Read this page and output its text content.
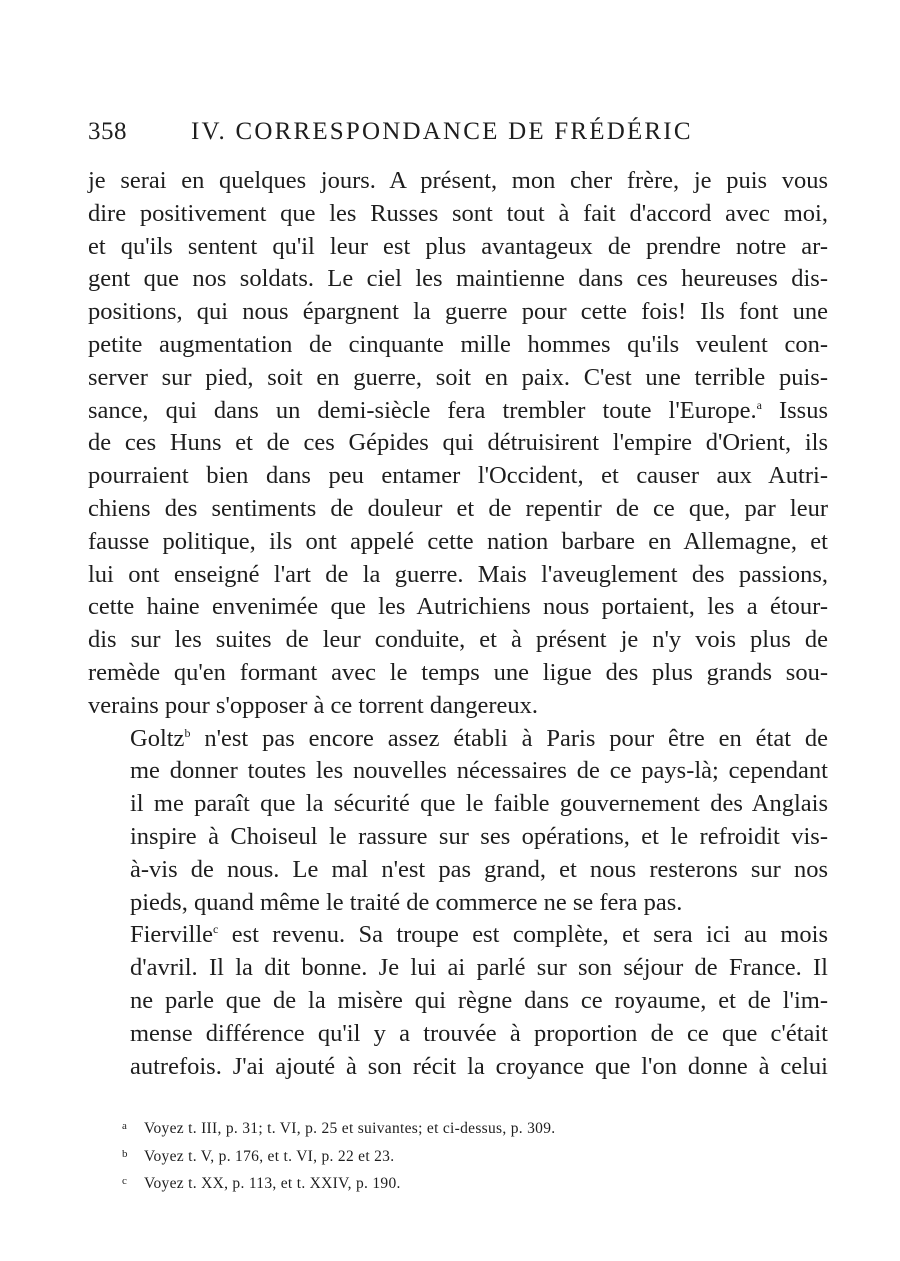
358	IV. CORRESPONDANCE DE FRÉDÉRIC

je serai en quelques jours. A présent, mon cher frère, je puis vous
dire positivement que les Russes sont tout à fait d'accord avec moi,
et qu'ils sentent qu'il leur est plus avantageux de prendre notre ar-
gent que nos soldats. Le ciel les maintienne dans ces heureuses dis-
positions, qui nous épargnent la guerre pour cette fois! Ils font une
petite augmentation de cinquante mille hommes qu'ils veulent con-
server sur pied, soit en guerre, soit en paix. C'est une terrible puis-
sance, qui dans un demi-siècle fera trembler toute l'Europe.$^a$ Issus
de ces Huns et de ces Gépides qui détruisirent l'empire d'Orient, ils
pourraient bien dans peu entamer l'Occident, et causer aux Autri-
chiens des sentiments de douleur et de repentir de ce que, par leur
fausse politique, ils ont appelé cette nation barbare en Allemagne, et
lui ont enseigné l'art de la guerre. Mais l'aveuglement des passions,
cette haine envenimée que les Autrichiens nous portaient, les a étour-
dis sur les suites de leur conduite, et à présent je n'y vois plus de
remède qu'en formant avec le temps une ligue des plus grands sou-
verains pour s'opposer à ce torrent dangereux.

Goltz$^b$ n'est pas encore assez établi à Paris pour être en état de
me donner toutes les nouvelles nécessaires de ce pays-là; cependant
il me paraît que la sécurité que le faible gouvernement des Anglais
inspire à Choiseul le rassure sur ses opérations, et le refroidit vis-
à-vis de nous. Le mal n'est pas grand, et nous resterons sur nos
pieds, quand même le traité de commerce ne se fera pas.

Fierville$^c$ est revenu. Sa troupe est complète, et sera ici au mois
d'avril. Il la dit bonne. Je lui ai parlé sur son séjour de France. Il
ne parle que de la misère qui règne dans ce royaume, et de l'im-
mense différence qu'il y a trouvée à proportion de ce que c'était
autrefois. J'ai ajouté à son récit la croyance que l'on donne à celui

a Voyez t. III, p. 31; t. VI, p. 25 et suivantes; et ci-dessus, p. 309.
b Voyez t. V, p. 176, et t. VI, p. 22 et 23.
c Voyez t. XX, p. 113, et t. XXIV, p. 190.
